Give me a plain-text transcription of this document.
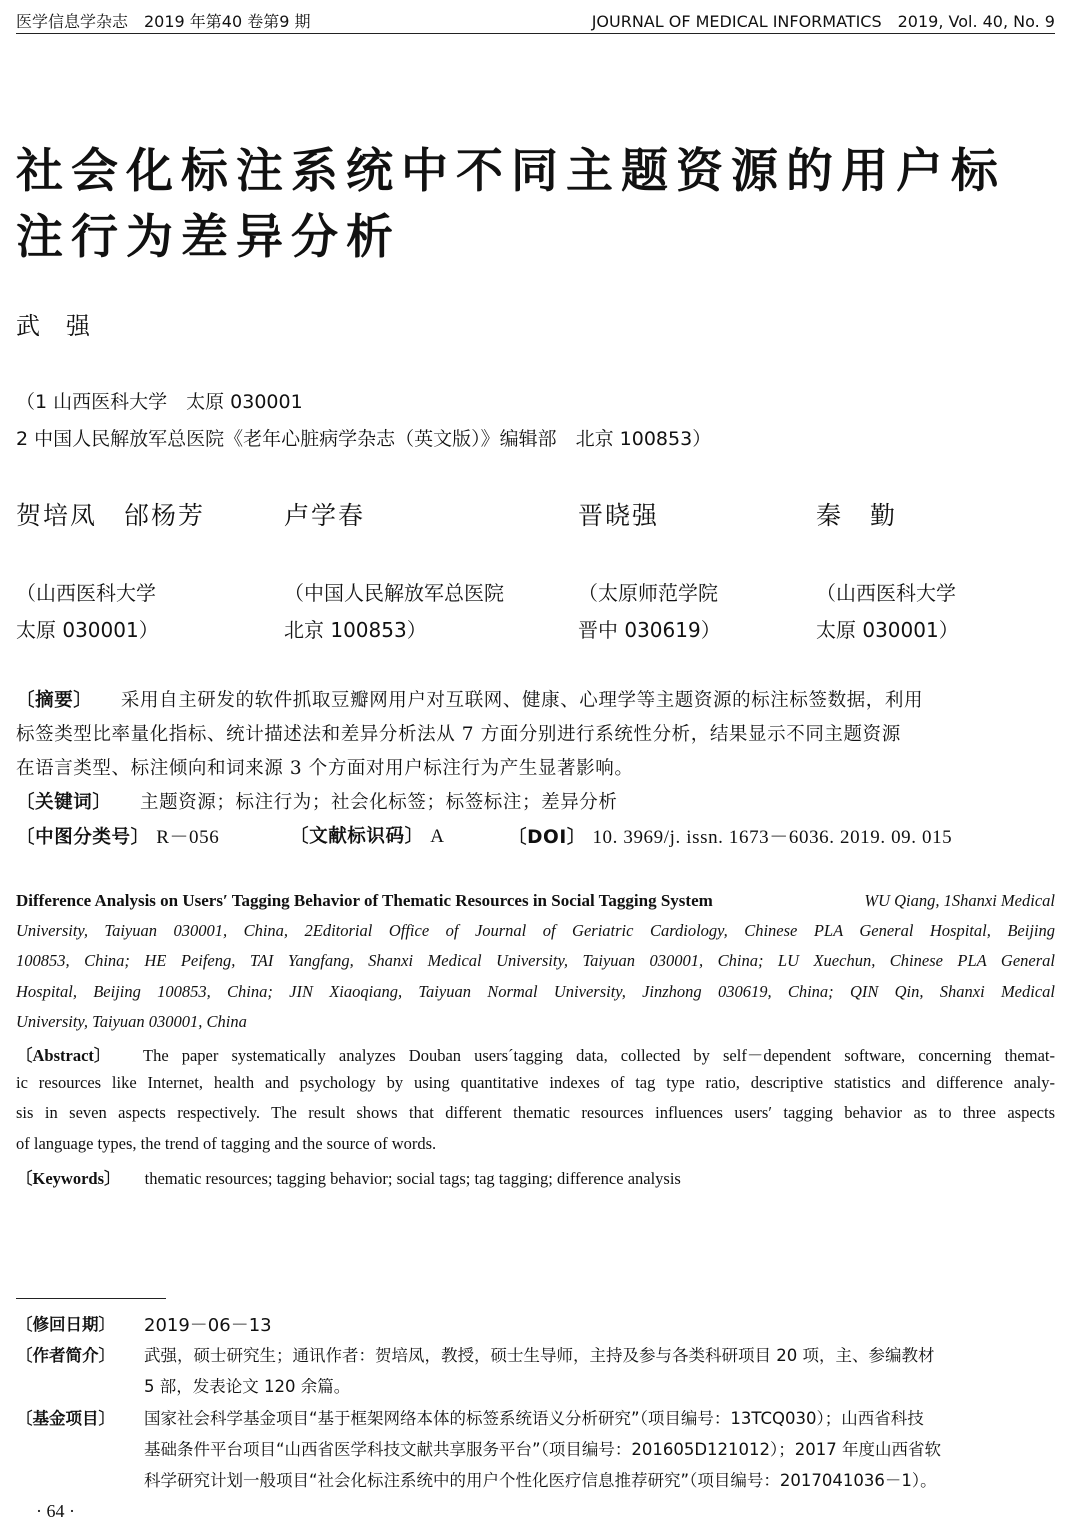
医学信息学杂志　2019 年第40 卷第9 期	JOURNAL OF MEDICAL INFORMATICS　2019, Vol. 40, No. 9
社会化标注系统中不同主题资源的用户标
注行为差异分析
武强
（1 山西医科大学　太原 030001
2 中国人民解放军总医院《老年心脏病学杂志（英文版）》编辑部　北京 100853）
贺培凤　邰杨芳	卢学春	晋晓强	秦　勤
（山西医科大学
太原 030001）
（中国人民解放军总医院
北京 100853）
（太原师范学院
晋中 030619）
（山西医科大学
太原 030001）
〔摘要〕 采用自主研发的软件抓取豆瓣网用户对互联网、健康、心理学等主题资源的标注标签数据，利用
标签类型比率量化指标、统计描述法和差异分析法从 7 方面分别进行系统性分析，结果显示不同主题资源
在语言类型、标注倾向和词来源 3 个方面对用户标注行为产生显著影响。
〔关键词〕 主题资源；标注行为；社会化标签；标签标注；差异分析
〔中图分类号〕 R－056	〔文献标识码〕 A	〔DOI〕 10. 3969/j. issn. 1673－6036. 2019. 09. 015
Difference Analysis on Users′ Tagging Behavior of Thematic Resources in Social Tagging System	WU Qiang, 1Shanxi Medical
University, Taiyuan 030001, China, 2Editorial Office of Journal of Geriatric Cardiology, Chinese PLA General Hospital, Beijing
100853, China; HE Peifeng, TAI Yangfang, Shanxi Medical University, Taiyuan 030001, China; LU Xuechun, Chinese PLA General
Hospital, Beijing 100853, China; JIN Xiaoqiang, Taiyuan Normal University, Jinzhong 030619, China; QIN Qin, Shanxi Medical
University, Taiyuan 030001, China
〔Abstract〕 The paper systematically analyzes Douban users´tagging data, collected by self－dependent software, concerning themat-
ic resources like Internet, health and psychology by using quantitative indexes of tag type ratio, descriptive statistics and difference analy-
sis in seven aspects respectively. The result shows that different thematic resources influences users′ tagging behavior as to three aspects
of language types, the trend of tagging and the source of words.
〔Keywords〕 thematic resources; tagging behavior; social tags; tag tagging; difference analysis
〔修回日期〕 2019－06－13
〔作者简介〕 武强，硕士研究生；通讯作者：贺培凤，教授，硕士生导师，主持及参与各类科研项目 20 项，主、参编教材
5 部，发表论文 120 余篇。
〔基金项目〕 国家社会科学基金项目“基于框架网络本体的标签系统语义分析研究”（项目编号：13TCQ030）；山西省科技
基础条件平台项目“山西省医学科技文献共享服务平台”（项目编号：201605D121012）；2017 年度山西省软
科学研究计划一般项目“社会化标注系统中的用户个性化医疗信息推荐研究”（项目编号：2017041036－1）。
· 64 ·
